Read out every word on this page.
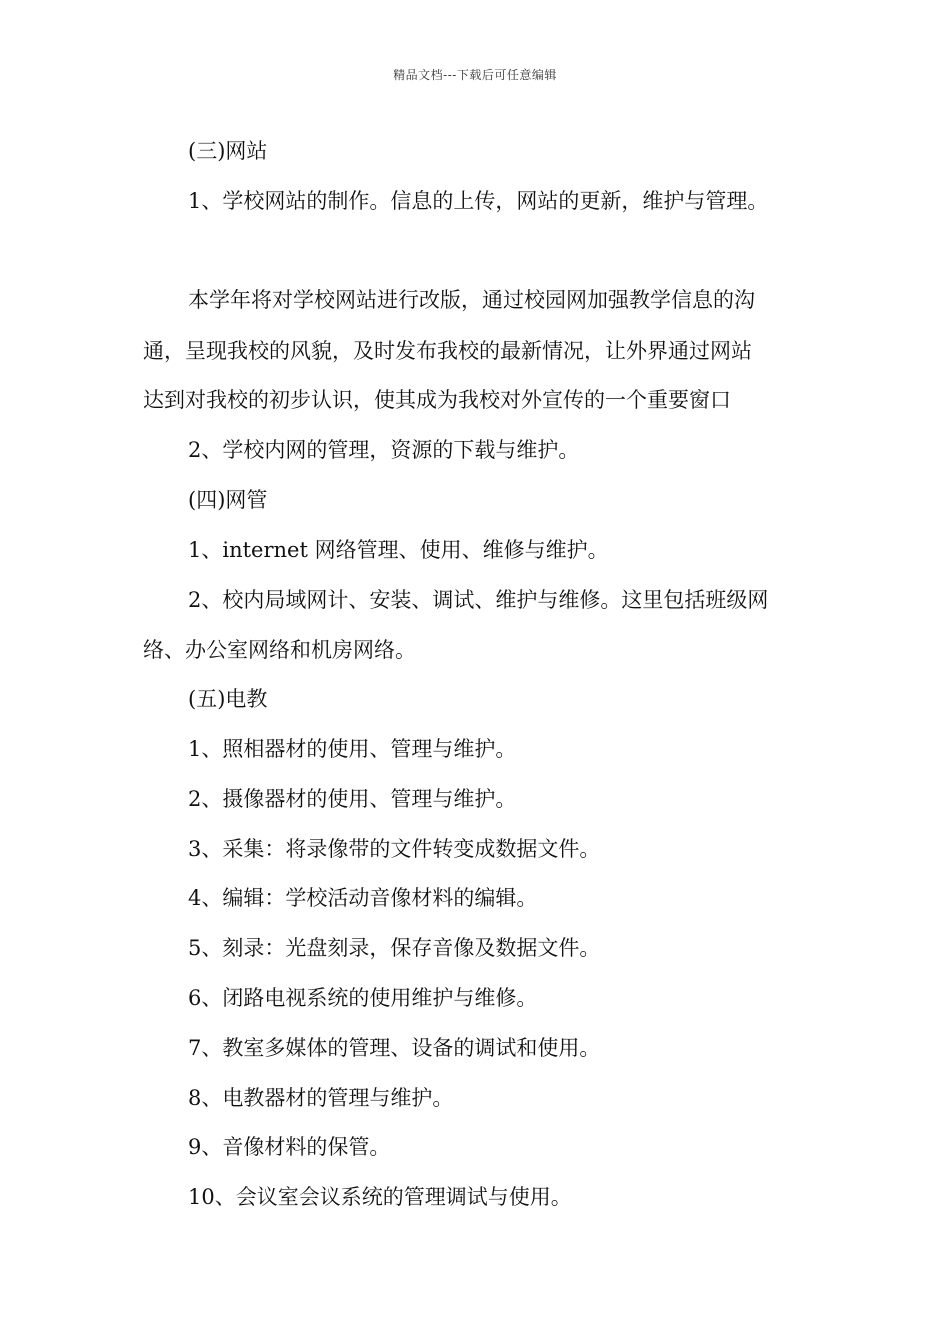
精品文档---下载后可任意编辑
(三)网站
1、学校网站的制作。信息的上传，网站的更新，维护与管理。
本学年将对学校网站进行改版，通过校园网加强教学信息的沟
通，呈现我校的风貌，及时发布我校的最新情况，让外界通过网站
达到对我校的初步认识，使其成为我校对外宣传的一个重要窗口
2、学校内网的管理，资源的下载与维护。
(四)网管
1、internet 网络管理、使用、维修与维护。
2、校内局域网计、安装、调试、维护与维修。这里包括班级网
络、办公室网络和机房网络。
(五)电教
1、照相器材的使用、管理与维护。
2、摄像器材的使用、管理与维护。
3、采集：将录像带的文件转变成数据文件。
4、编辑：学校活动音像材料的编辑。
5、刻录：光盘刻录，保存音像及数据文件。
6、闭路电视系统的使用维护与维修。
7、教室多媒体的管理、设备的调试和使用。
8、电教器材的管理与维护。
9、音像材料的保管。
10、会议室会议系统的管理调试与使用。
